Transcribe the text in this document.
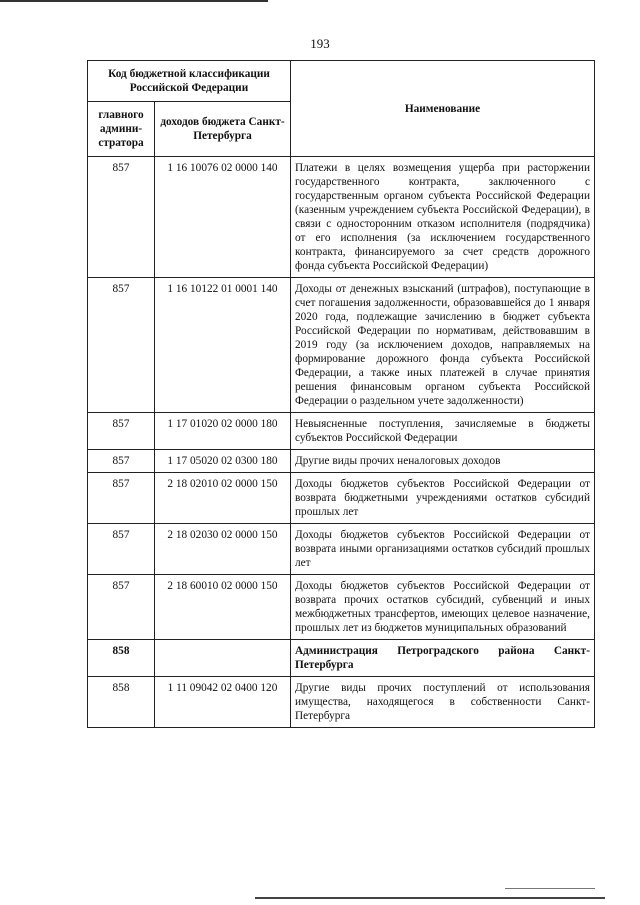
193
Код бюджетной классификации Российской Федерации		Наименование
главного админи-стратора	доходов бюджета Санкт-Петербурга	
857	1 16 10076 02 0000 140	Платежи в целях возмещения ущерба при расторжении государственного контракта, заключенного с государственным органом субъекта Российской Федерации (казенным учреждением субъекта Российской Федерации), в связи с односторонним отказом исполнителя (подрядчика) от его исполнения (за исключением государственного контракта, финансируемого за счет средств дорожного фонда субъекта Российской Федерации)
857	1 16 10122 01 0001 140	Доходы от денежных взысканий (штрафов), поступающие в счет погашения задолженности, образовавшейся до 1 января 2020 года, подлежащие зачислению в бюджет субъекта Российской Федерации по нормативам, действовавшим в 2019 году (за исключением доходов, направляемых на формирование дорожного фонда субъекта Российской Федерации, а также иных платежей в случае принятия решения финансовым органом субъекта Российской Федерации о раздельном учете задолженности)
857	1 17 01020 02 0000 180	Невыясненные поступления, зачисляемые в бюджеты субъектов Российской Федерации
857	1 17 05020 02 0300 180	Другие виды прочих неналоговых доходов
857	2 18 02010 02 0000 150	Доходы бюджетов субъектов Российской Федерации от возврата бюджетными учреждениями остатков субсидий прошлых лет
857	2 18 02030 02 0000 150	Доходы бюджетов субъектов Российской Федерации от возврата иными организациями остатков субсидий прошлых лет
857	2 18 60010 02 0000 150	Доходы бюджетов субъектов Российской Федерации от возврата прочих остатков субсидий, субвенций и иных межбюджетных трансфертов, имеющих целевое назначение, прошлых лет из бюджетов муниципальных образований
858		Администрация Петроградского района Санкт-Петербурга
858	1 11 09042 02 0400 120	Другие виды прочих поступлений от использования имущества, находящегося в собственности Санкт-Петербурга
